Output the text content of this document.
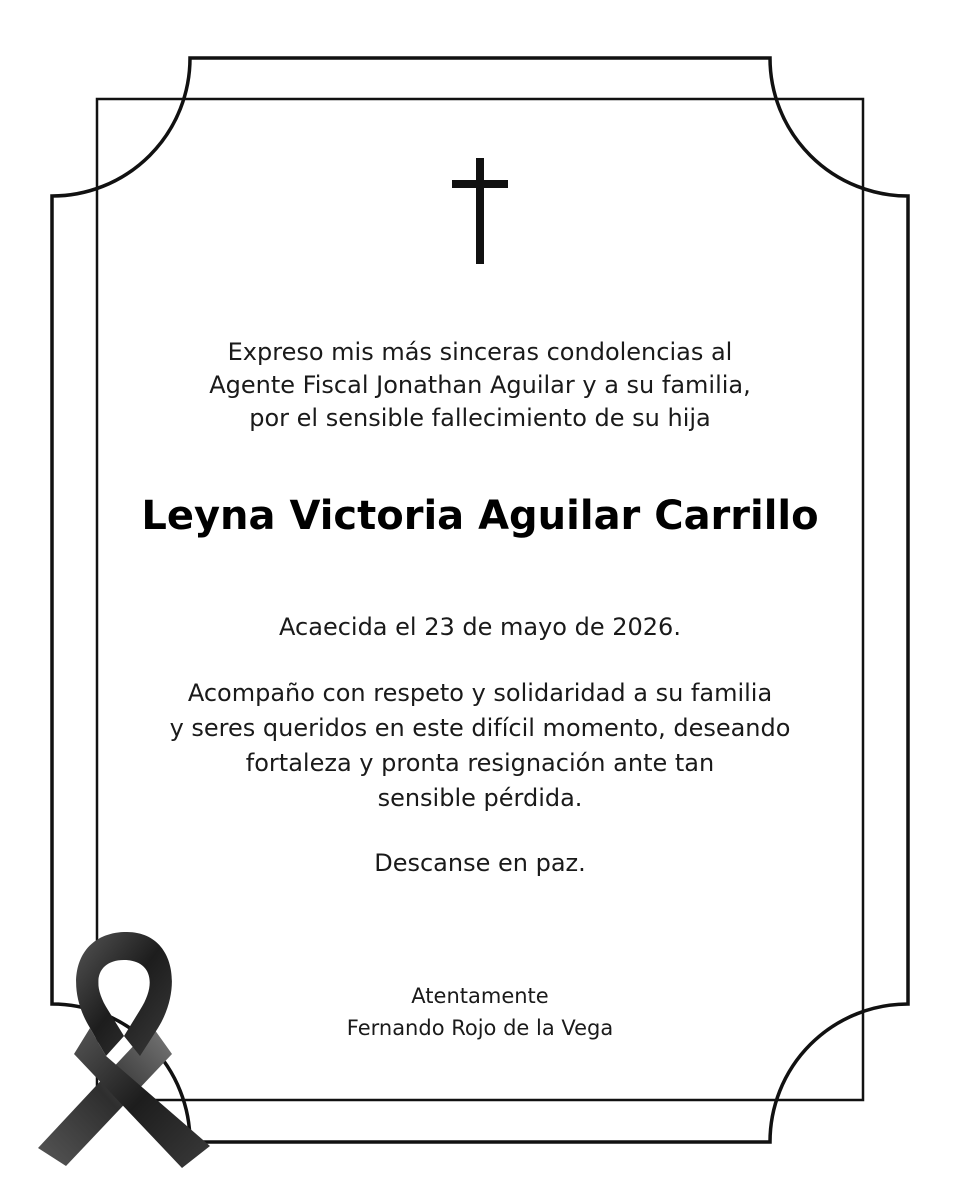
Expreso mis más sinceras condolencias al
Agente Fiscal Jonathan Aguilar y a su familia,
por el sensible fallecimiento de su hija
Leyna Victoria Aguilar Carrillo
Acaecida el 23 de mayo de 2026.
Acompaño con respeto y solidaridad a su familia
y seres queridos en este difícil momento, deseando
fortaleza y pronta resignación ante tan
sensible pérdida.
Descanse en paz.
Atentamente
Fernando Rojo de la Vega
